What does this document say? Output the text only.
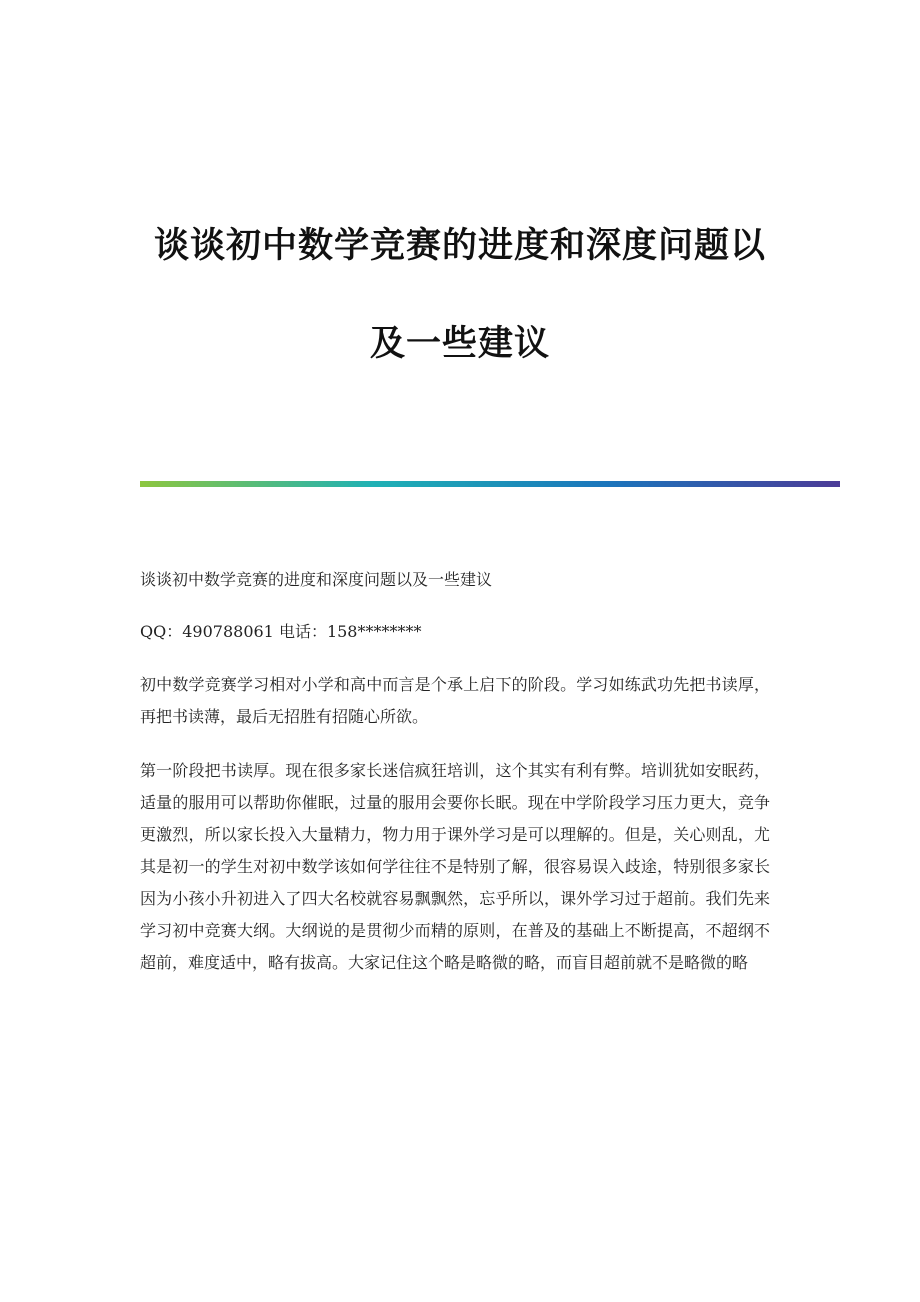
谈谈初中数学竞赛的进度和深度问题以
及一些建议

谈谈初中数学竞赛的进度和深度问题以及一些建议

QQ：490788061 电话：158********

初中数学竞赛学习相对小学和高中而言是个承上启下的阶段。学习如练武功先把书读厚，再把书读薄，最后无招胜有招随心所欲。

第一阶段把书读厚。现在很多家长迷信疯狂培训，这个其实有利有弊。培训犹如安眠药，适量的服用可以帮助你催眠，过量的服用会要你长眠。现在中学阶段学习压力更大，竞争更激烈，所以家长投入大量精力，物力用于课外学习是可以理解的。但是，关心则乱，尤其是初一的学生对初中数学该如何学往往不是特别了解，很容易误入歧途，特别很多家长因为小孩小升初进入了四大名校就容易飘飘然，忘乎所以，课外学习过于超前。我们先来学习初中竞赛大纲。大纲说的是贯彻少而精的原则，在普及的基础上不断提高，不超纲不超前，难度适中，略有拔高。大家记住这个略是略微的略，而盲目超前就不是略微的略
